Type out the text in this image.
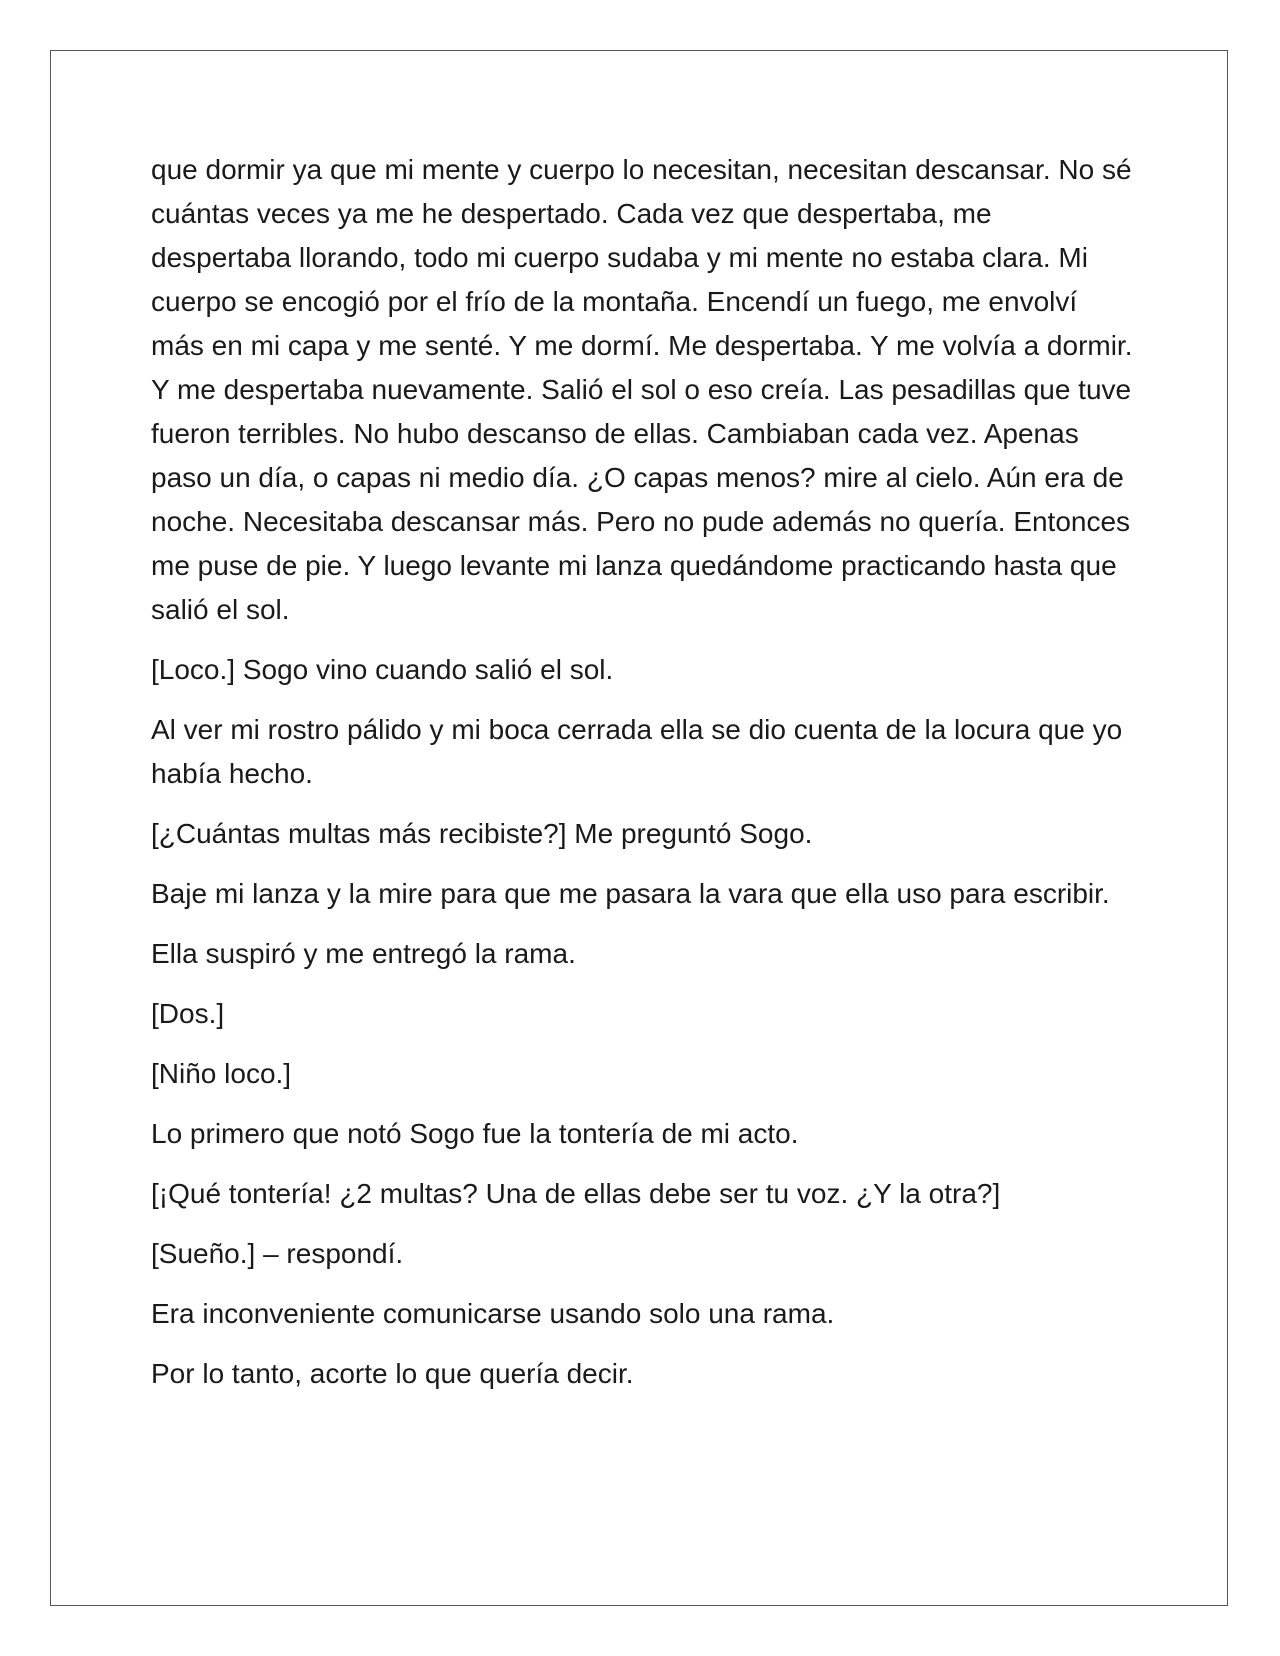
que dormir ya que mi mente y cuerpo lo necesitan, necesitan descansar. No sé cuántas veces ya me he despertado. Cada vez que despertaba, me despertaba llorando, todo mi cuerpo sudaba y mi mente no estaba clara. Mi cuerpo se encogió por el frío de la montaña. Encendí un fuego, me envolví más en mi capa y me senté. Y me dormí. Me despertaba. Y me volvía a dormir. Y me despertaba nuevamente. Salió el sol o eso creía. Las pesadillas que tuve fueron terribles. No hubo descanso de ellas. Cambiaban cada vez. Apenas paso un día, o capas ni medio día. ¿O capas menos? mire al cielo. Aún era de noche. Necesitaba descansar más. Pero no pude además no quería. Entonces me puse de pie. Y luego levante mi lanza quedándome practicando hasta que salió el sol.

[Loco.] Sogo vino cuando salió el sol.

Al ver mi rostro pálido y mi boca cerrada ella se dio cuenta de la locura que yo había hecho.

[¿Cuántas multas más recibiste?] Me preguntó Sogo.

Baje mi lanza y la mire para que me pasara la vara que ella uso para escribir.

Ella suspiró y me entregó la rama.

[Dos.]

[Niño loco.]

Lo primero que notó Sogo fue la tontería de mi acto.

[¡Qué tontería! ¿2 multas? Una de ellas debe ser tu voz. ¿Y la otra?]

[Sueño.] – respondí.

Era inconveniente comunicarse usando solo una rama.

Por lo tanto, acorte lo que quería decir.
